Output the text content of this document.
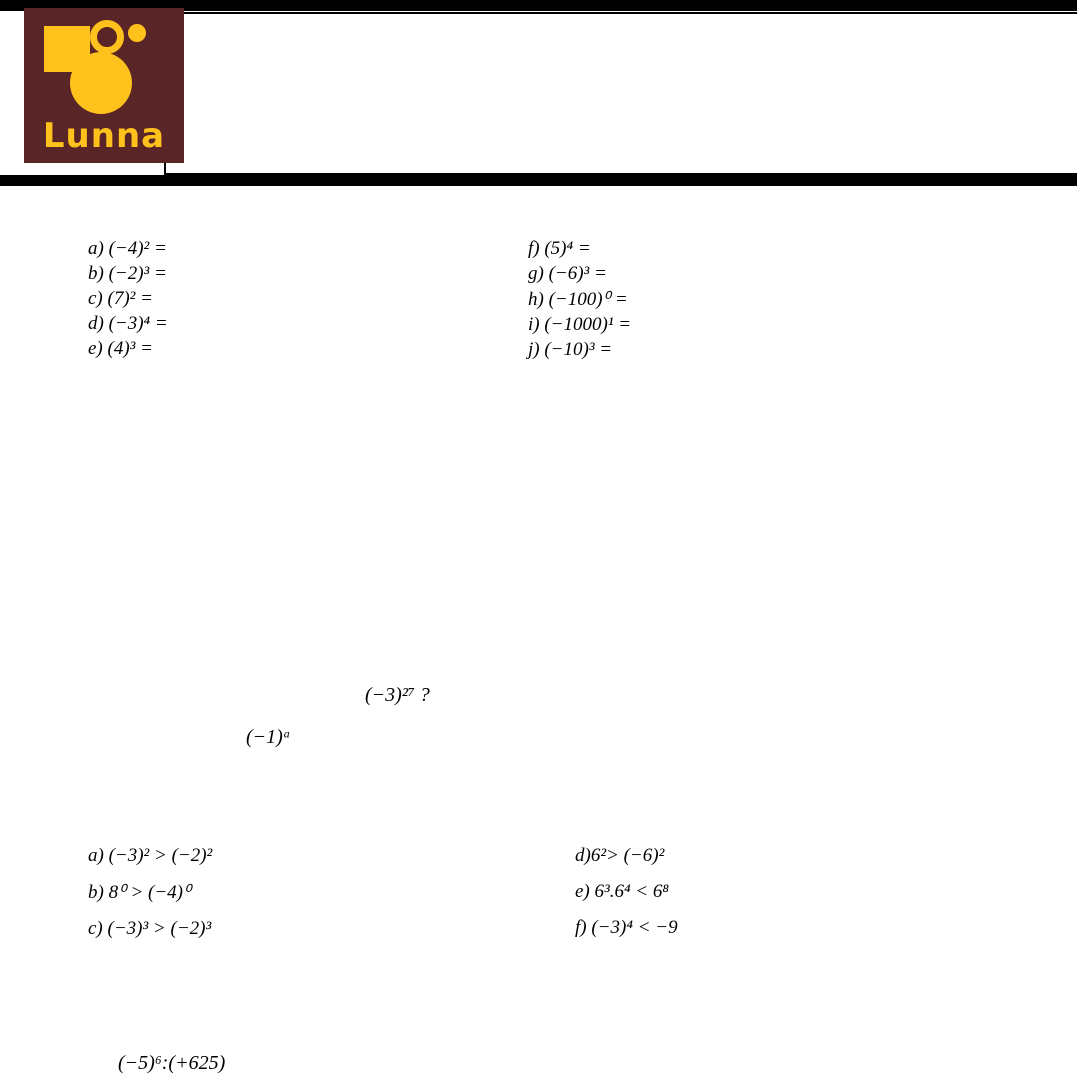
Lunna
a) (−4)² =
b) (−2)³ =
c) (7)² =
d) (−3)⁴ =
e) (4)³ =
f) (5)⁴ =
g) (−6)³ =
h) (−100)⁰ =
i) (−1000)¹ =
j) (−10)³ =
(−3)²⁷ ?
(−1)ᵃ
a) (−3)² > (−2)²
b) 8⁰ > (−4)⁰
c) (−3)³ > (−2)³
d)6²> (−6)²
e) 6³.6⁴ < 6⁸
f) (−3)⁴ < −9
(−5)⁶:(+625)
